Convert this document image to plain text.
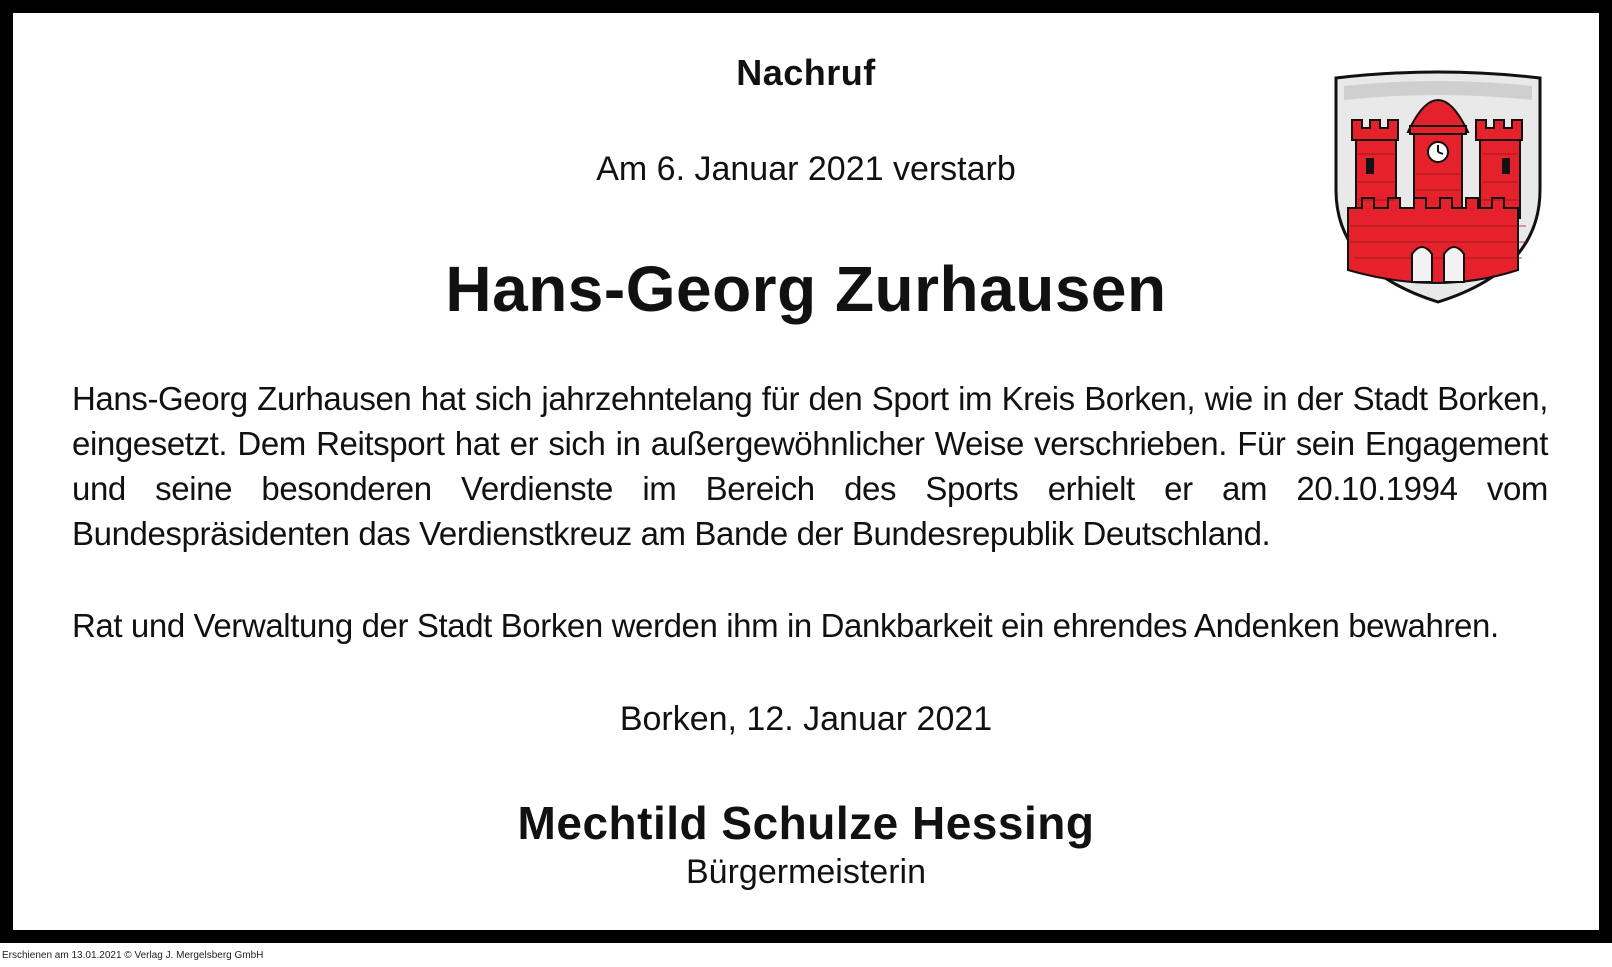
Nachruf
Am 6. Januar 2021 verstarb
Hans-Georg Zurhausen
Hans-Georg Zurhausen hat sich jahrzehntelang für den Sport im Kreis Borken, wie in der Stadt Borken, eingesetzt. Dem Reitsport hat er sich in außergewöhnlicher Weise verschrieben. Für sein Engagement und seine besonderen Verdienste im Bereich des Sports erhielt er am 20.10.1994 vom Bundespräsidenten das Verdienstkreuz am Bande der Bundesrepublik Deutschland.
Rat und Verwaltung der Stadt Borken werden ihm in Dankbarkeit ein ehrendes Andenken bewahren.
Borken, 12. Januar 2021
Mechtild Schulze Hessing
Bürgermeisterin
Erschienen am 13.01.2021 © Verlag J. Mergelsberg GmbH
